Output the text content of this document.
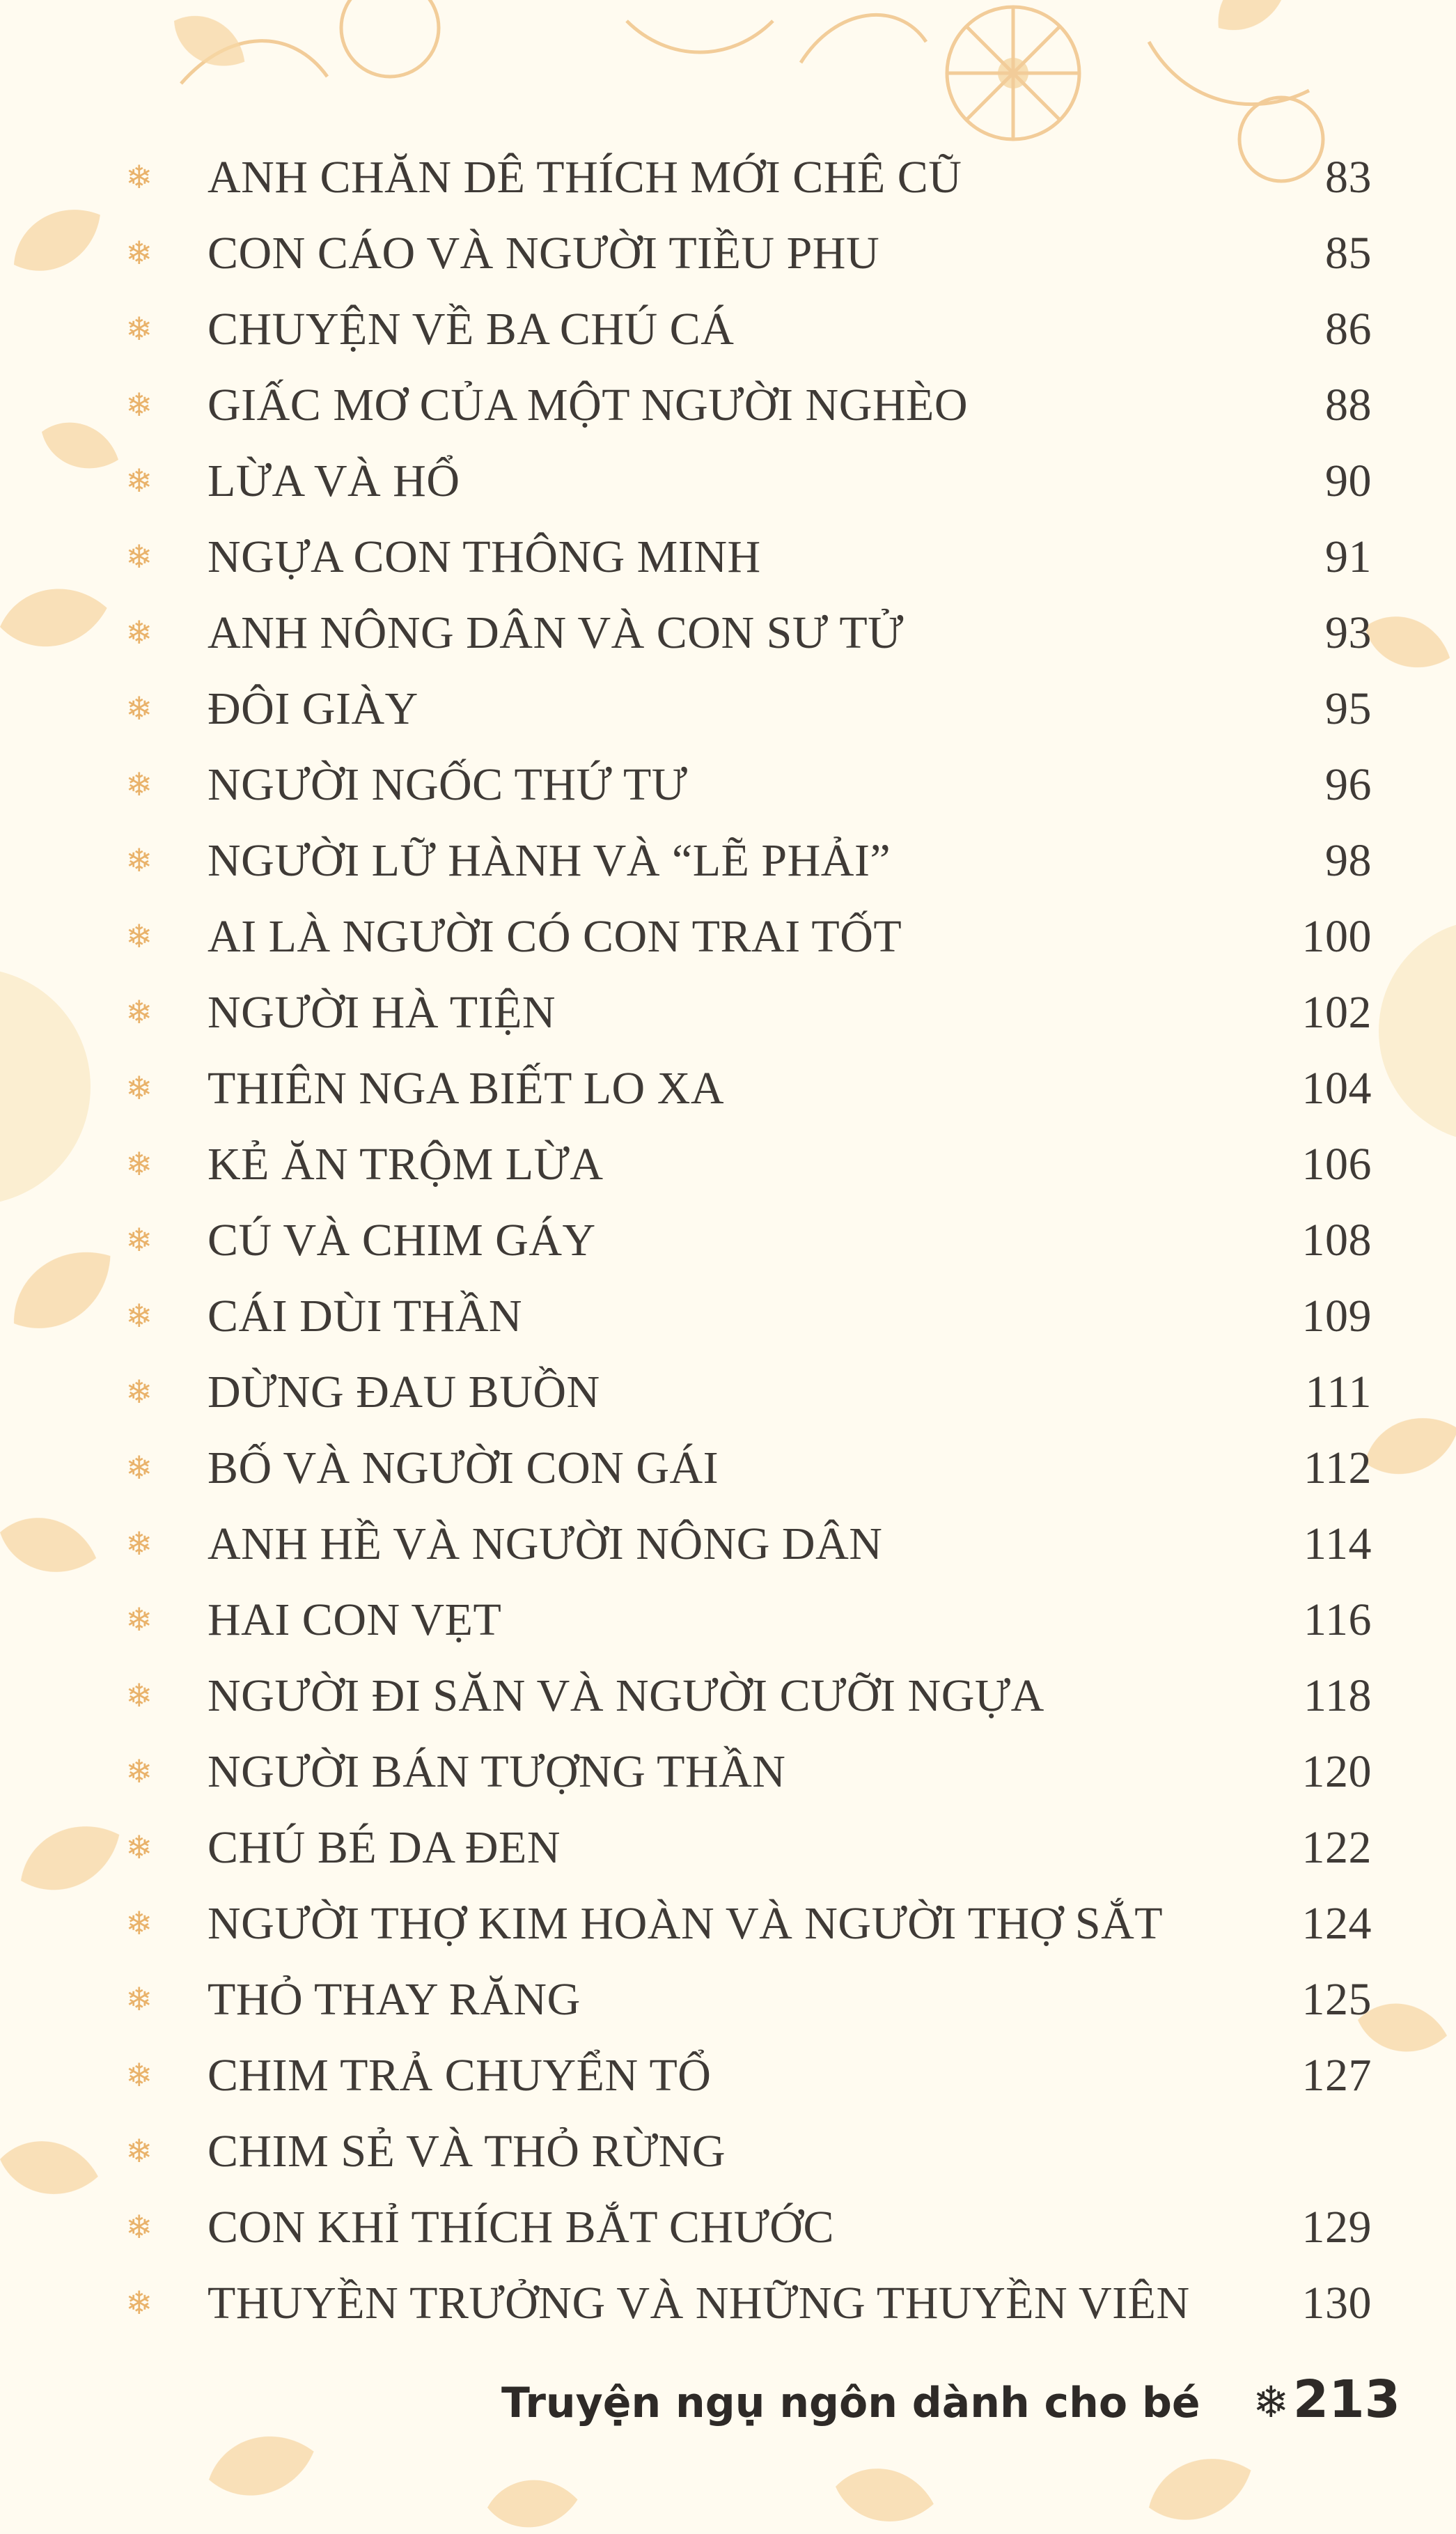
❄ ANH CHĂN DÊ THÍCH MỚI CHÊ CŨ	83
❄ CON CÁO VÀ NGƯỜI TIỀU PHU	85
❄ CHUYỆN VỀ BA CHÚ CÁ	86
❄ GIẤC MƠ CỦA MỘT NGƯỜI NGHÈO	88
❄ LỪA VÀ HỔ	90
❄ NGỰA CON THÔNG MINH	91
❄ ANH NÔNG DÂN VÀ CON SƯ TỬ	93
❄ ĐÔI GIÀY	95
❄ NGƯỜI NGỐC THỨ TƯ	96
❄ NGƯỜI LỮ HÀNH VÀ “LẼ PHẢI”	98
❄ AI LÀ NGƯỜI CÓ CON TRAI TỐT	100
❄ NGƯỜI HÀ TIỆN	102
❄ THIÊN NGA BIẾT LO XA	104
❄ KẺ ĂN TRỘM LỪA	106
❄ CÚ VÀ CHIM GÁY	108
❄ CÁI DÙI THẦN	109
❄ DỪNG ĐAU BUỒN	111
❄ BỐ VÀ NGƯỜI CON GÁI	112
❄ ANH HỀ VÀ NGƯỜI NÔNG DÂN	114
❄ HAI CON VẸT	116
❄ NGƯỜI ĐI SĂN VÀ NGƯỜI CƯỠI NGỰA	118
❄ NGƯỜI BÁN TƯỢNG THẦN	120
❄ CHÚ BÉ DA ĐEN	122
❄ NGƯỜI THỢ KIM HOÀN VÀ NGƯỜI THỢ SẮT	124
❄ THỎ THAY RĂNG	125
❄ CHIM TRẢ CHUYỂN TỔ	127
❄ CHIM SẺ VÀ THỎ RỪNG
❄ CON KHỈ THÍCH BẮT CHƯỚC	129
❄ THUYỀN TRƯỞNG VÀ NHỮNG THUYỀN VIÊN 130
Truyện ngụ ngôn dành cho bé ❄ 213
